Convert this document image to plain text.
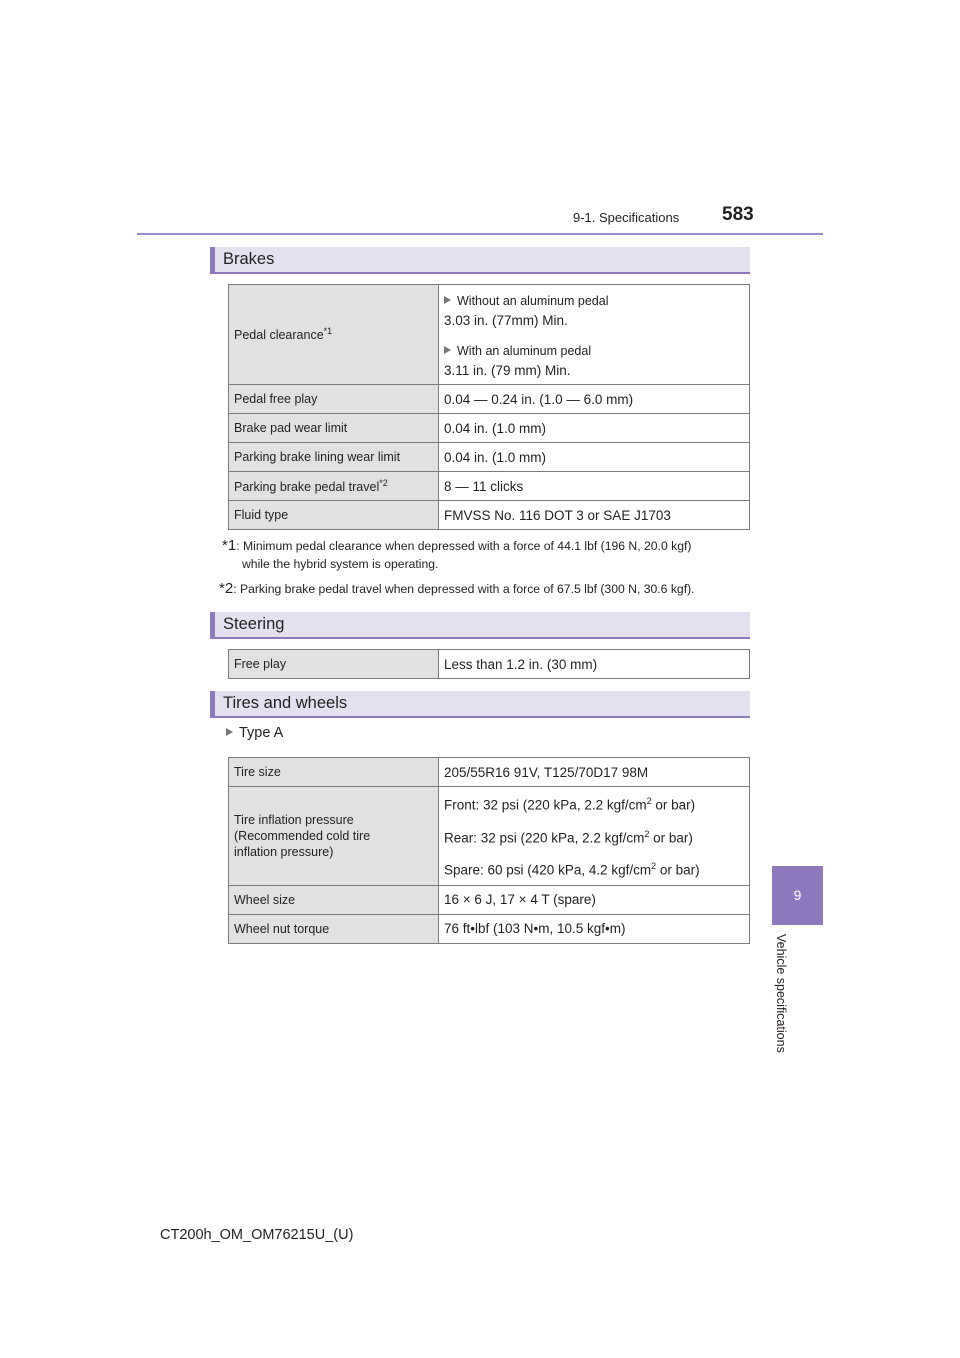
9-1. Specifications 583
9
Vehicle specifications
Brakes
Pedal clearance$^{*1}$	Without an aluminum pedal
3.03 in. (77mm) Min.
With an aluminum pedal
3.11 in. (79 mm) Min.

Pedal free play	0.04 — 0.24 in. (1.0 — 6.0 mm)
Brake pad wear limit	0.04 in. (1.0 mm)
Parking brake lining wear limit	0.04 in. (1.0 mm)
Parking brake pedal travel$^{*2}$	8 — 11 clicks
Fluid type	FMVSS No. 116 DOT 3 or SAE J1703
*1: Minimum pedal clearance when depressed with a force of 44.1 lbf (196 N, 20.0 kgf)
while the hybrid system is operating.
*2: Parking brake pedal travel when depressed with a force of 67.5 lbf (300 N, 30.6 kgf).
Steering
Free play	Less than 1.2 in. (30 mm)
Tires and wheels
Type A
Tire size	205/55R16 91V, T125/70D17 98M
Tire inflation pressure
(Recommended cold tire
inflation pressure)	Front: 32 psi (220 kPa, 2.2 kgf/$cm^2$ or bar)
Rear: 32 psi (220 kPa, 2.2 kgf/$cm^2$ or bar)
Spare: 60 psi (420 kPa, 4.2 kgf/$cm^2$ or bar)
Wheel size	16 × 6 J, 17 × 4 T (spare)
Wheel nut torque	76 ft•lbf (103 N•m, 10.5 kgf•m)
CT200h_OM_OM76215U_(U)
